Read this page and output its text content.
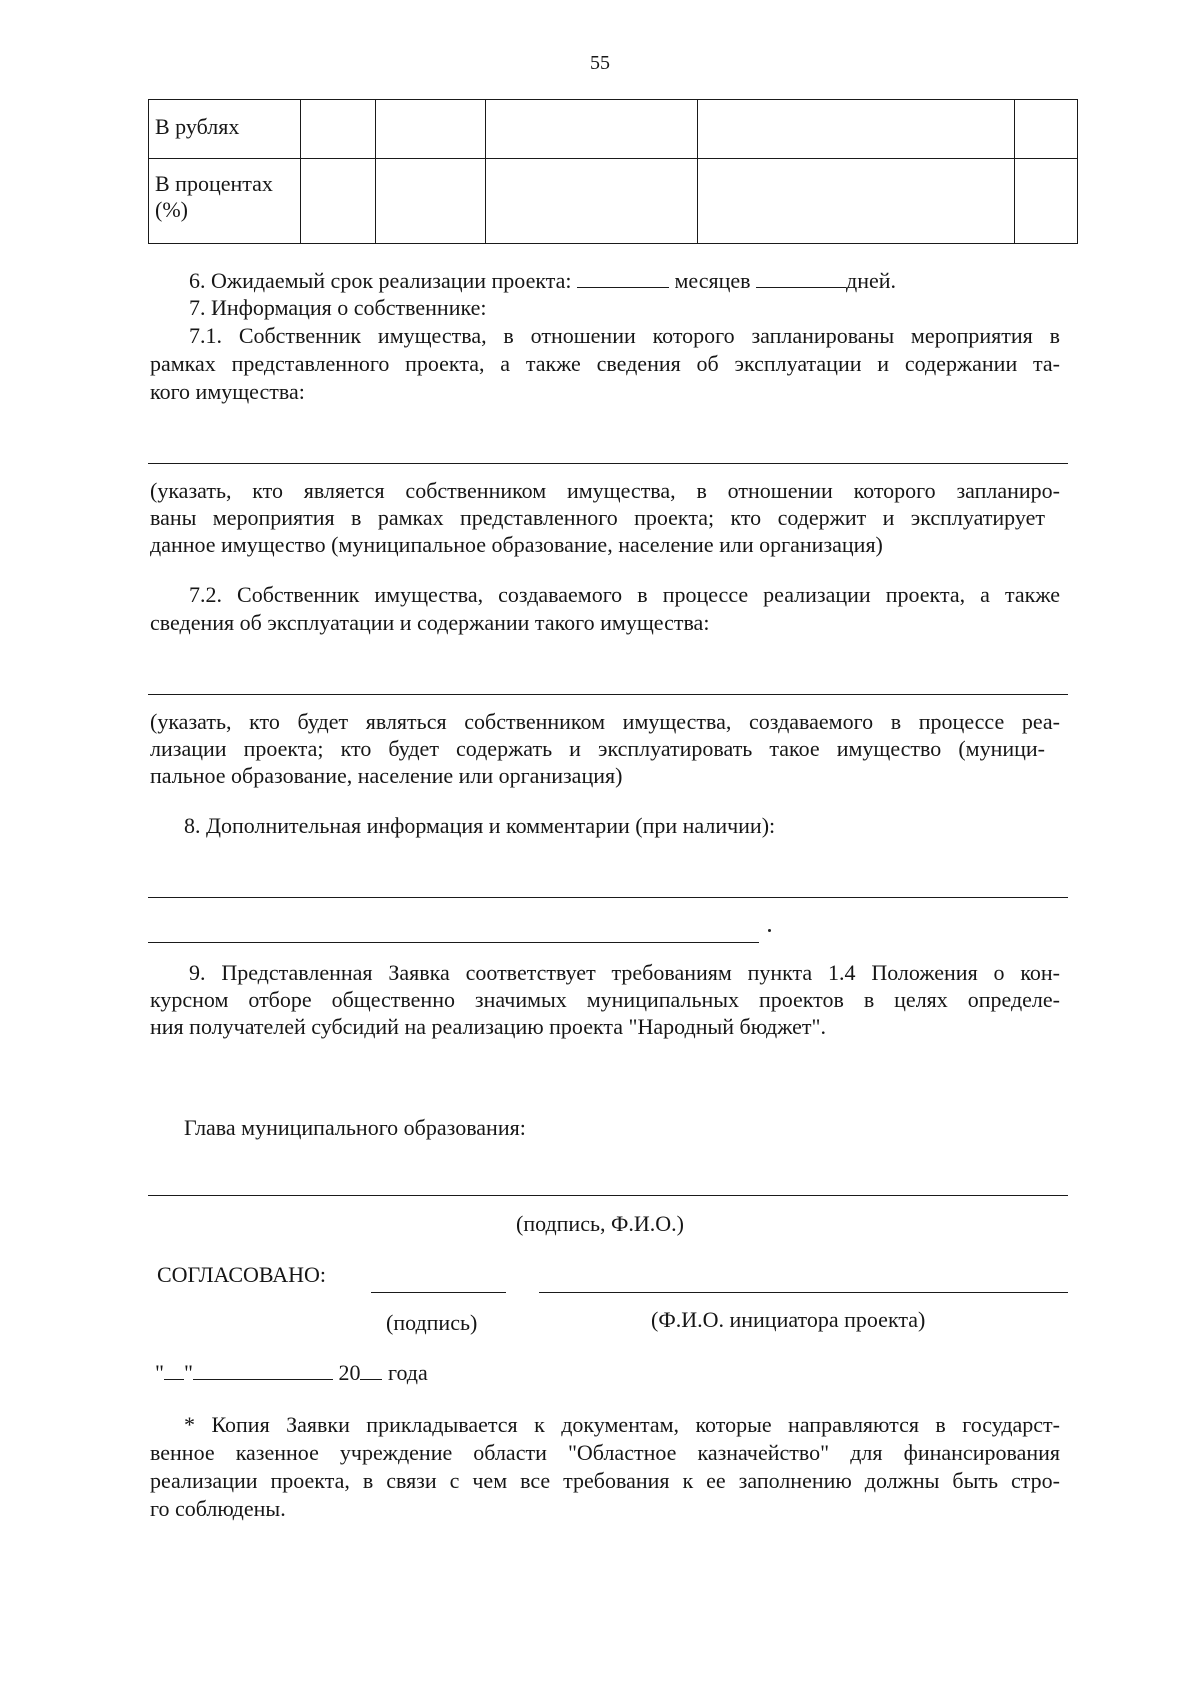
55
В рублях					
В процентах
(%)					
6. Ожидаемый срок реализации проекта:	месяцев	дней.
7. Информация о собственнике:
7.1. Собственник имущества, в отношении которого запланированы мероприятия в
рамках представленного проекта, а также сведения об эксплуатации и содержании та-
кого имущества:
(указать, кто является собственником имущества, в отношении которого запланиро-
ваны мероприятия в рамках представленного проекта; кто содержит и эксплуатирует
данное имущество (муниципальное образование, население или организация)
7.2. Собственник имущества, создаваемого в процессе реализации проекта, а также
сведения об эксплуатации и содержании такого имущества:
(указать, кто будет являться собственником имущества, создаваемого в процессе реа-
лизации проекта; кто будет содержать и эксплуатировать такое имущество (муници-
пальное образование, население или организация)
8. Дополнительная информация и комментарии (при наличии):
9. Представленная Заявка соответствует требованиям пункта 1.4 Положения о кон-
курсном отборе общественно значимых муниципальных проектов в целях определе-
ния получателей субсидий на реализацию проекта "Народный бюджет".
Глава муниципального образования:
(подпись, Ф.И.О.)
СОГЛАСОВАНО:
(подпись)	(Ф.И.О. инициатора проекта)
" "	20 года
* Копия Заявки прикладывается к документам, которые направляются в государст-
венное казенное учреждение области "Областное казначейство" для финансирования
реализации проекта, в связи с чем все требования к ее заполнению должны быть стро-
го соблюдены.
